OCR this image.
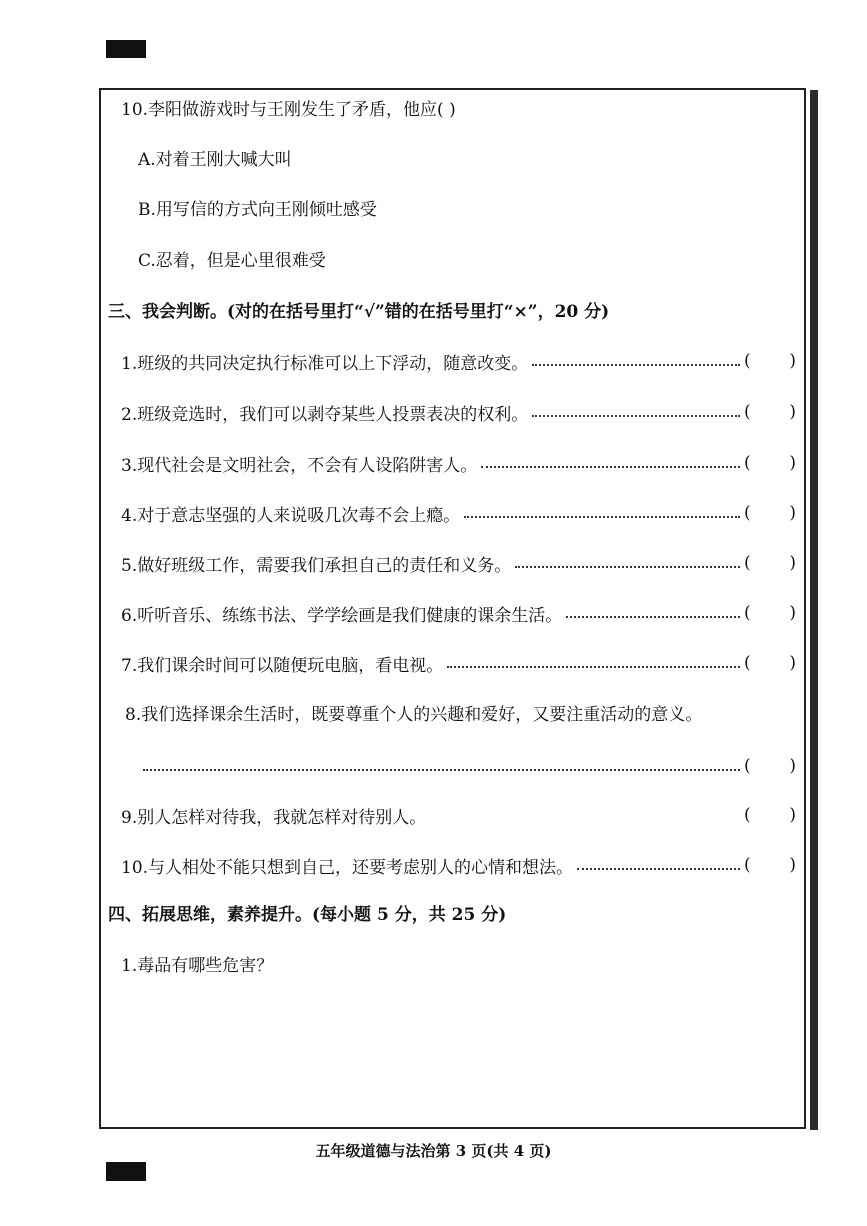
10.李阳做游戏时与王刚发生了矛盾，他应( )
A.对着王刚大喊大叫
B.用写信的方式向王刚倾吐感受
C.忍着，但是心里很难受
三、我会判断。(对的在括号里打“√”错的在括号里打“×”，20 分)
1.班级的共同决定执行标准可以上下浮动，随意改变。	( )
2.班级竞选时，我们可以剥夺某些人投票表决的权利。	( )
3.现代社会是文明社会，不会有人设陷阱害人。	( )
4.对于意志坚强的人来说吸几次毒不会上瘾。	( )
5.做好班级工作，需要我们承担自己的责任和义务。	( )
6.听听音乐、练练书法、学学绘画是我们健康的课余生活。	( )
7.我们课余时间可以随便玩电脑，看电视。	( )
8.我们选择课余生活时，既要尊重个人的兴趣和爱好，又要注重活动的意义。
( )
9.别人怎样对待我，我就怎样对待别人。	( )
10.与人相处不能只想到自己，还要考虑别人的心情和想法。	( )
四、拓展思维，素养提升。(每小题 5 分，共 25 分)
1.毒品有哪些危害？
五年级道德与法治第 3 页(共 4 页)
